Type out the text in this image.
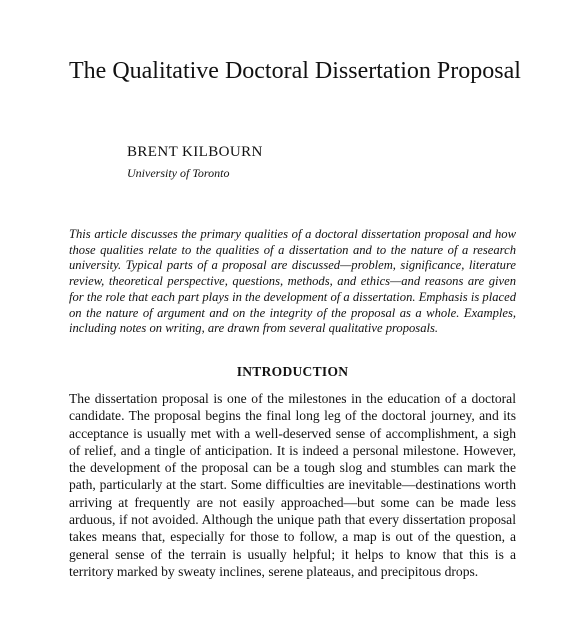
The Qualitative Doctoral Dissertation Proposal

BRENT KILBOURN

University of Toronto

This article discusses the primary qualities of a doctoral dissertation proposal and how those qualities relate to the qualities of a dissertation and to the nature of a research university. Typical parts of a proposal are discussed—problem, significance, literature review, theoretical perspective, questions, methods, and ethics—and reasons are given for the role that each part plays in the development of a dissertation. Emphasis is placed on the nature of argument and on the integrity of the proposal as a whole. Examples, including notes on writing, are drawn from several qualitative proposals.

INTRODUCTION

The dissertation proposal is one of the milestones in the education of a doctoral candidate. The proposal begins the final long leg of the doctoral journey, and its acceptance is usually met with a well-deserved sense of accomplishment, a sigh of relief, and a tingle of anticipation. It is indeed a personal milestone. However, the development of the proposal can be a tough slog and stumbles can mark the path, particularly at the start. Some difficulties are inevitable—destinations worth arriving at frequently are not easily approached—but some can be made less arduous, if not avoided. Although the unique path that every dissertation proposal takes means that, especially for those to follow, a map is out of the question, a general sense of the terrain is usually helpful; it helps to know that this is a territory marked by sweaty inclines, serene plateaus, and precipitous drops.
